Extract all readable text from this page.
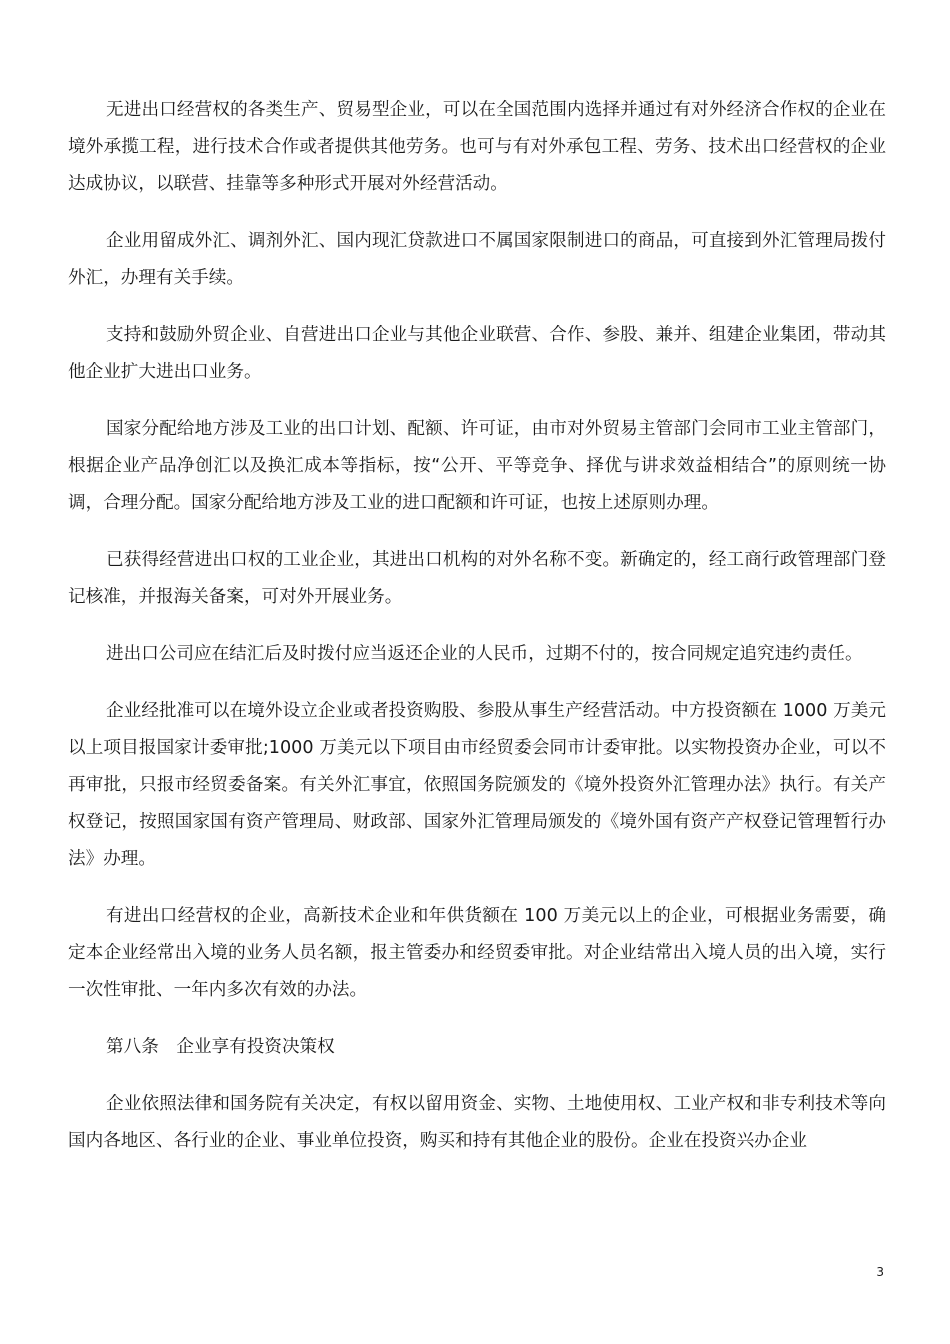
无进出口经营权的各类生产、贸易型企业，可以在全国范围内选择并通过有对外经济合作权的企业在境外承揽工程，进行技术合作或者提供其他劳务。也可与有对外承包工程、劳务、技术出口经营权的企业达成协议，以联营、挂靠等多种形式开展对外经营活动。

企业用留成外汇、调剂外汇、国内现汇贷款进口不属国家限制进口的商品，可直接到外汇管理局拨付外汇，办理有关手续。

支持和鼓励外贸企业、自营进出口企业与其他企业联营、合作、参股、兼并、组建企业集团，带动其他企业扩大进出口业务。

国家分配给地方涉及工业的出口计划、配额、许可证，由市对外贸易主管部门会同市工业主管部门，根据企业产品净创汇以及换汇成本等指标，按“公开、平等竞争、择优与讲求效益相结合”的原则统一协调，合理分配。国家分配给地方涉及工业的进口配额和许可证，也按上述原则办理。

已获得经营进出口权的工业企业，其进出口机构的对外名称不变。新确定的，经工商行政管理部门登记核准，并报海关备案，可对外开展业务。

进出口公司应在结汇后及时拨付应当返还企业的人民币，过期不付的，按合同规定追究违约责任。

企业经批准可以在境外设立企业或者投资购股、参股从事生产经营活动。中方投资额在 1000 万美元以上项目报国家计委审批;1000 万美元以下项目由市经贸委会同市计委审批。以实物投资办企业，可以不再审批，只报市经贸委备案。有关外汇事宜，依照国务院颁发的《境外投资外汇管理办法》执行。有关产权登记，按照国家国有资产管理局、财政部、国家外汇管理局颁发的《境外国有资产产权登记管理暂行办法》办理。

有进出口经营权的企业，高新技术企业和年供货额在 100 万美元以上的企业，可根据业务需要，确定本企业经常出入境的业务人员名额，报主管委办和经贸委审批。对企业结常出入境人员的出入境，实行一次性审批、一年内多次有效的办法。

第八条　企业享有投资决策权

企业依照法律和国务院有关决定，有权以留用资金、实物、土地使用权、工业产权和非专利技术等向国内各地区、各行业的企业、事业单位投资，购买和持有其他企业的股份。企业在投资兴办企业

3
